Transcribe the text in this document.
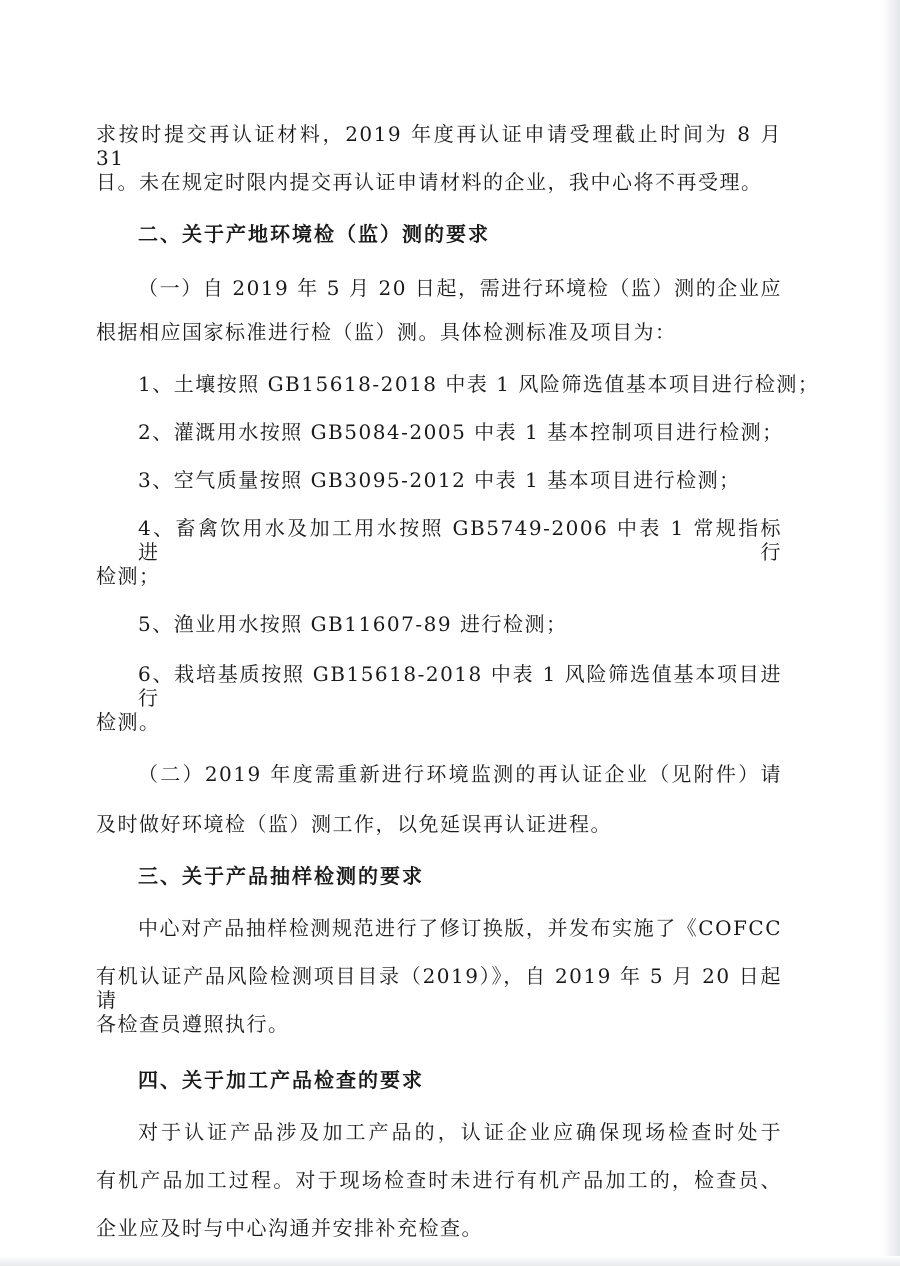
求按时提交再认证材料，2019 年度再认证申请受理截止时间为 8 月 31
日。未在规定时限内提交再认证申请材料的企业，我中心将不再受理。
二、关于产地环境检（监）测的要求
（一）自 2019 年 5 月 20 日起，需进行环境检（监）测的企业应
根据相应国家标准进行检（监）测。具体检测标准及项目为：
1、土壤按照 GB15618-2018 中表 1 风险筛选值基本项目进行检测；
2、灌溉用水按照 GB5084-2005 中表 1 基本控制项目进行检测；
3、空气质量按照 GB3095-2012 中表 1 基本项目进行检测；
4、畜禽饮用水及加工用水按照 GB5749-2006 中表 1 常规指标进行
检测；
5、渔业用水按照 GB11607-89 进行检测；
6、栽培基质按照 GB15618-2018 中表 1 风险筛选值基本项目进行
检测。
（二）2019 年度需重新进行环境监测的再认证企业（见附件）请
及时做好环境检（监）测工作，以免延误再认证进程。
三、关于产品抽样检测的要求
中心对产品抽样检测规范进行了修订换版，并发布实施了《COFCC
有机认证产品风险检测项目目录（2019）》，自 2019 年 5 月 20 日起请
各检查员遵照执行。
四、关于加工产品检查的要求
对于认证产品涉及加工产品的，认证企业应确保现场检查时处于
有机产品加工过程。对于现场检查时未进行有机产品加工的，检查员、
企业应及时与中心沟通并安排补充检查。
